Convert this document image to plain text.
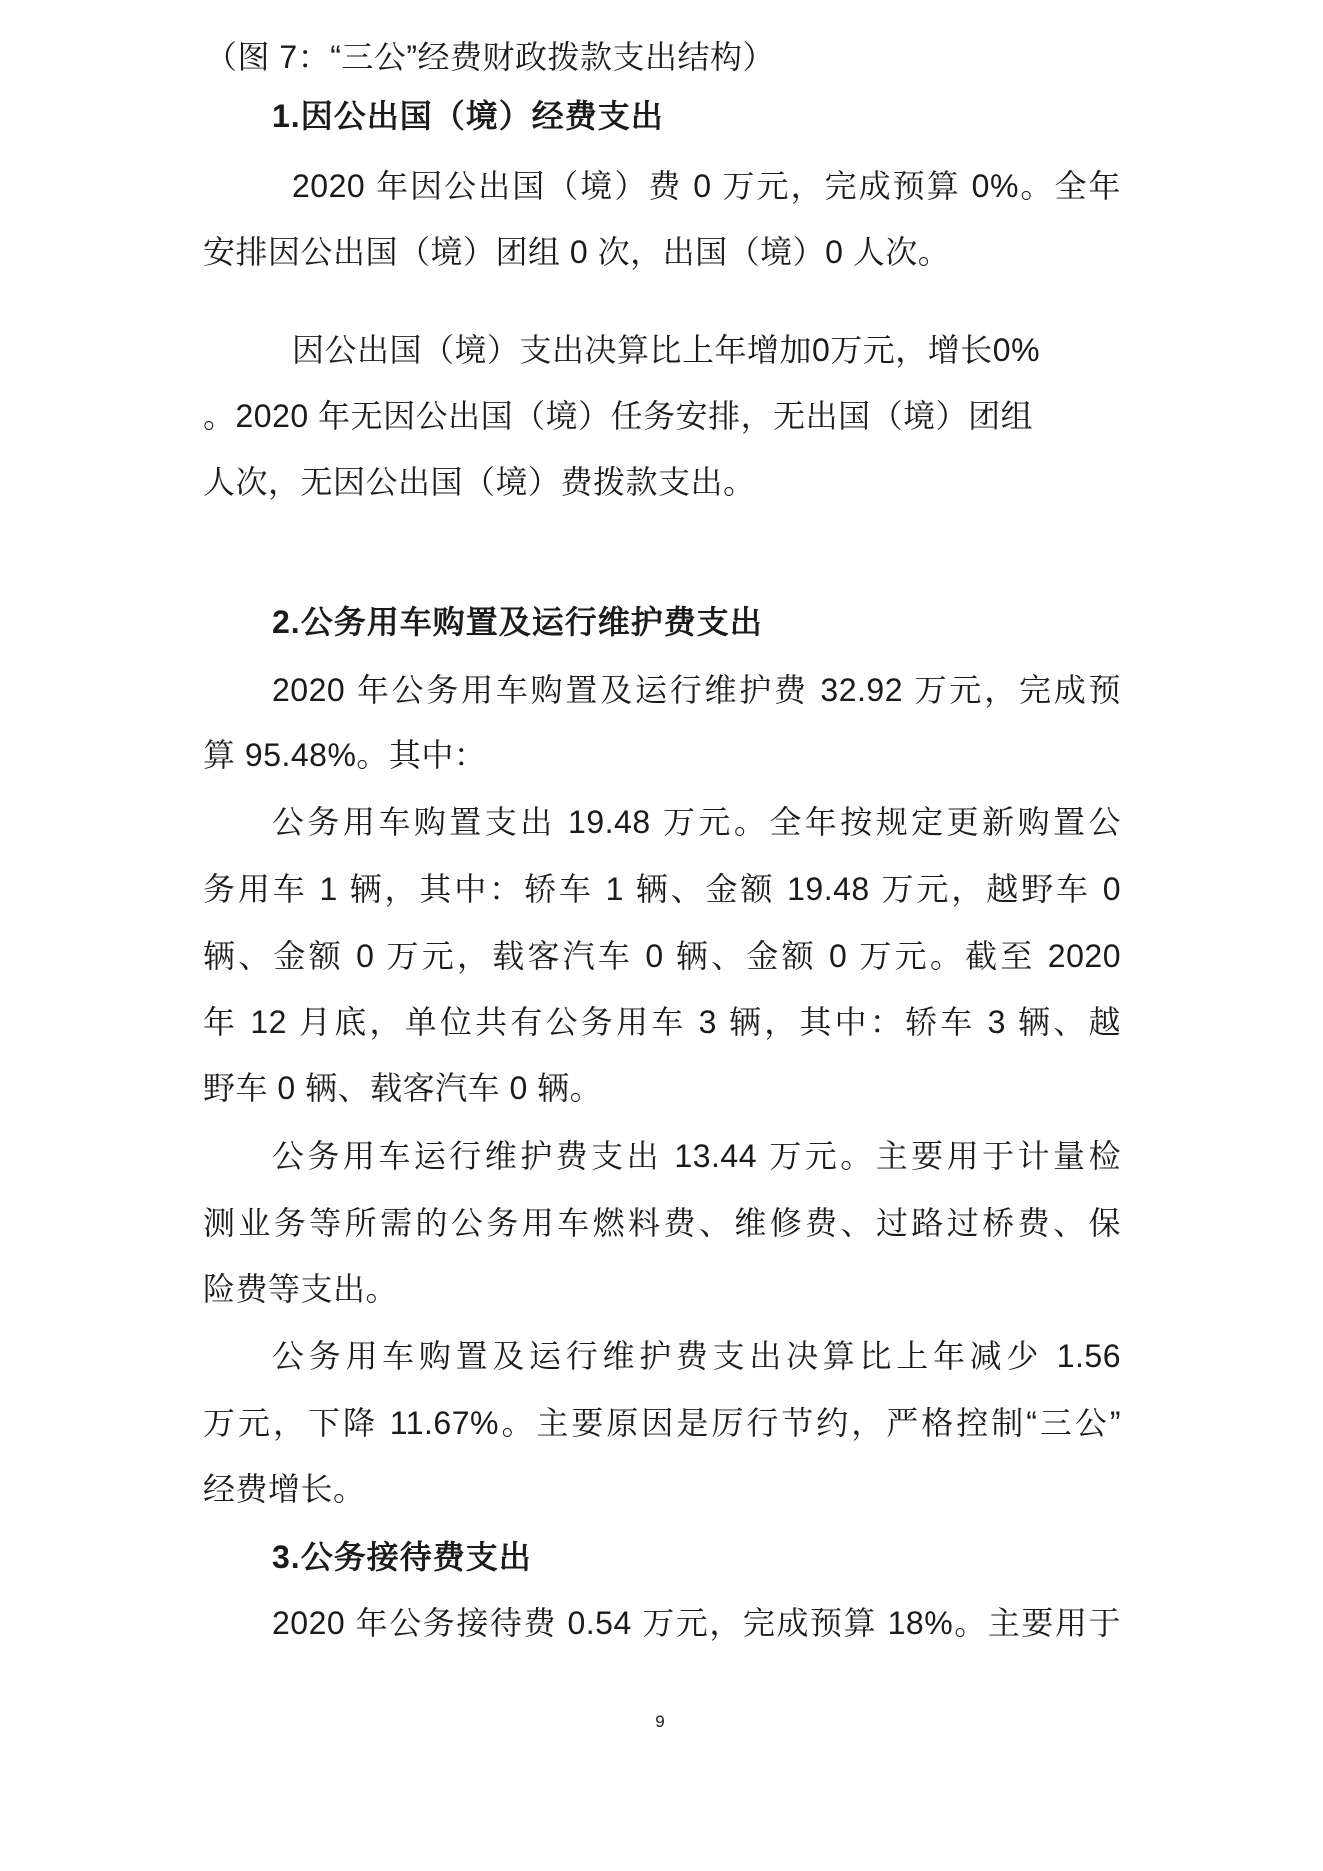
（图 7：“三公”经费财政拨款支出结构）
1.因公出国（境）经费支出
2020 年因公出国（境）费 0 万元，完成预算 0%。全年
安排因公出国（境）团组 0 次，出国（境）0 人次。
因公出国（境）支出决算比上年增加0万元，增长0%
。2020 年无因公出国（境）任务安排，无出国（境）团组
人次，无因公出国（境）费拨款支出。
2.公务用车购置及运行维护费支出
2020 年公务用车购置及运行维护费 32.92 万元，完成预
算 95.48%。其中：
公务用车购置支出 19.48 万元。全年按规定更新购置公
务用车 1 辆，其中：轿车 1 辆、金额 19.48 万元，越野车 0
辆、金额 0 万元，载客汽车 0 辆、金额 0 万元。截至 2020
年 12 月底，单位共有公务用车 3 辆，其中：轿车 3 辆、越
野车 0 辆、载客汽车 0 辆。
公务用车运行维护费支出 13.44 万元。主要用于计量检
测业务等所需的公务用车燃料费、维修费、过路过桥费、保
险费等支出。
公务用车购置及运行维护费支出决算比上年减少 1.56
万元，下降 11.67%。主要原因是厉行节约，严格控制“三公”
经费增长。
3.公务接待费支出
2020 年公务接待费 0.54 万元，完成预算 18%。主要用于
9
